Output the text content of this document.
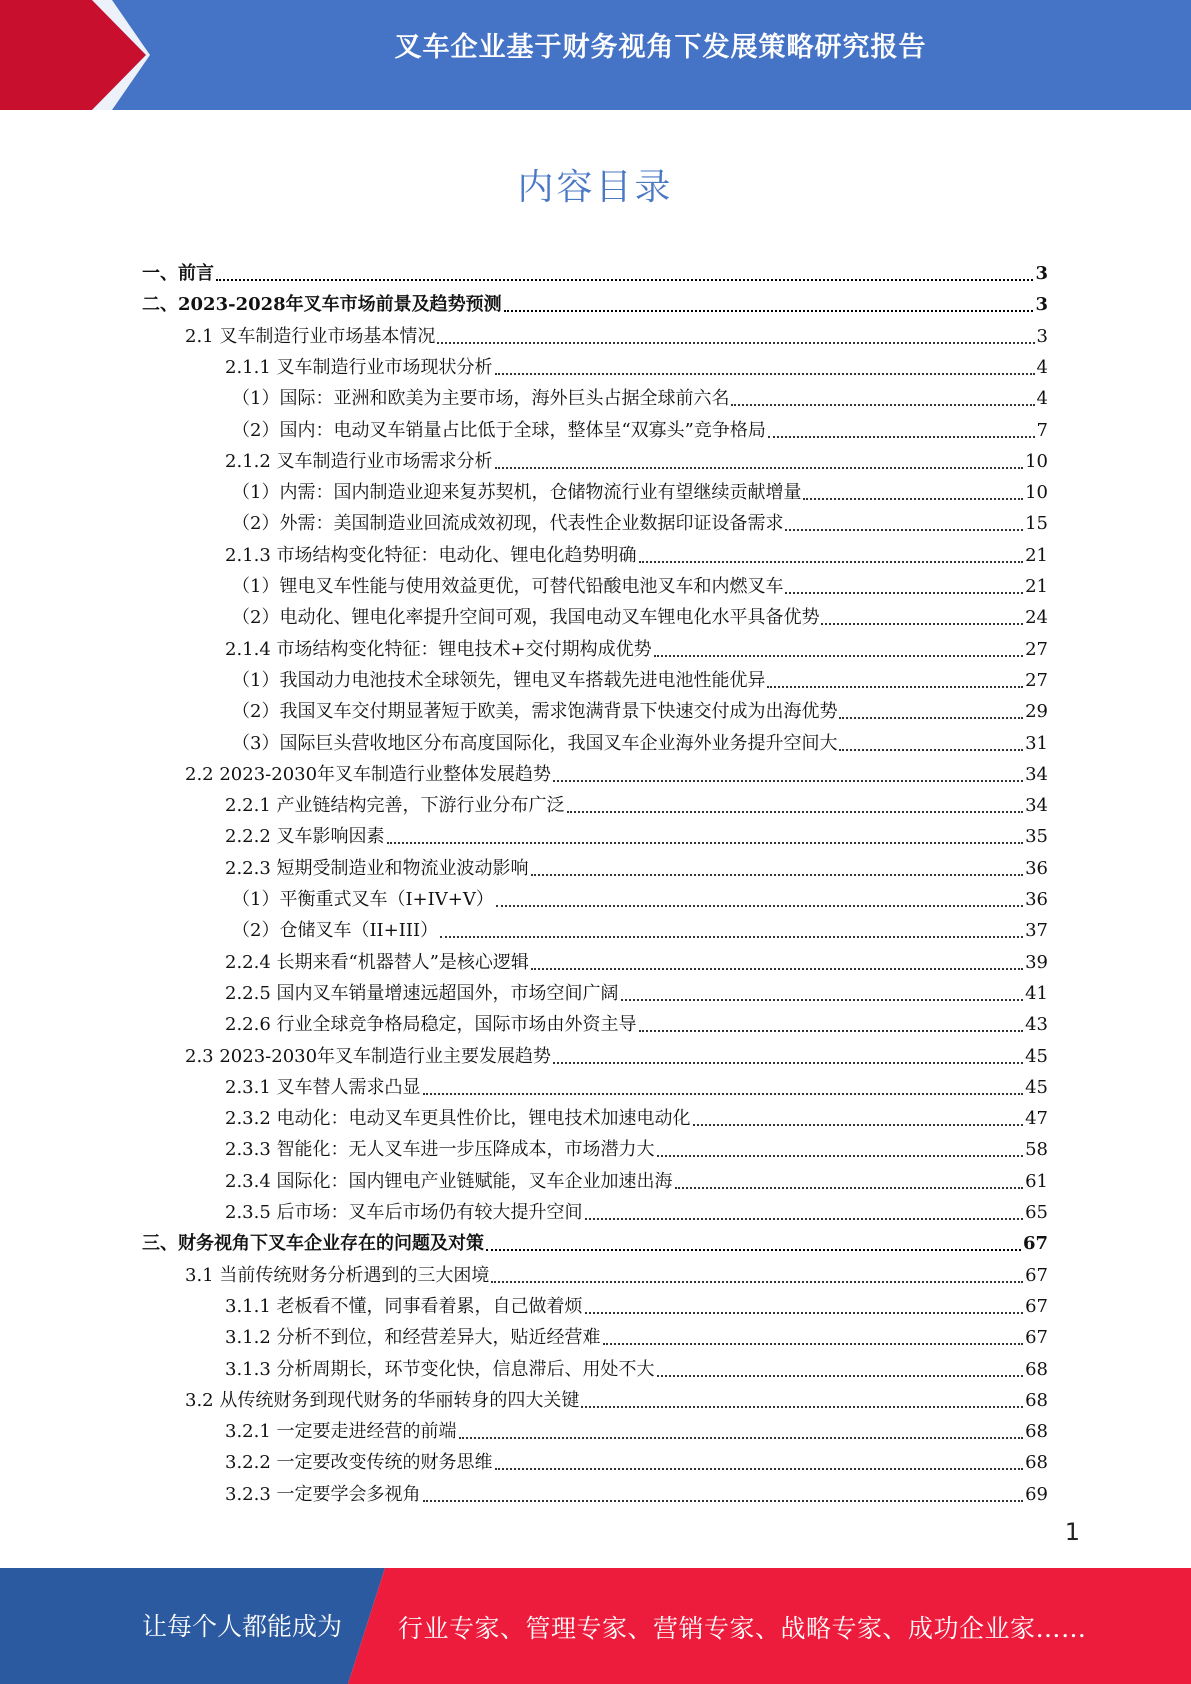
叉车企业基于财务视角下发展策略研究报告
内容目录
一、前言	3
二、2023-2028年叉车市场前景及趋势预测	3
2.1 叉车制造行业市场基本情况	3
2.1.1 叉车制造行业市场现状分析	4
（1）国际：亚洲和欧美为主要市场，海外巨头占据全球前六名	4
（2）国内：电动叉车销量占比低于全球，整体呈“双寡头”竞争格局	7
2.1.2 叉车制造行业市场需求分析	10
（1）内需：国内制造业迎来复苏契机，仓储物流行业有望继续贡献增量	10
（2）外需：美国制造业回流成效初现，代表性企业数据印证设备需求	15
2.1.3 市场结构变化特征：电动化、锂电化趋势明确	21
（1）锂电叉车性能与使用效益更优，可替代铅酸电池叉车和内燃叉车	21
（2）电动化、锂电化率提升空间可观，我国电动叉车锂电化水平具备优势	24
2.1.4 市场结构变化特征：锂电技术+交付期构成优势	27
（1）我国动力电池技术全球领先，锂电叉车搭载先进电池性能优异	27
（2）我国叉车交付期显著短于欧美，需求饱满背景下快速交付成为出海优势	29
（3）国际巨头营收地区分布高度国际化，我国叉车企业海外业务提升空间大	31
2.2 2023-2030年叉车制造行业整体发展趋势	34
2.2.1 产业链结构完善，下游行业分布广泛	34
2.2.2 叉车影响因素	35
2.2.3 短期受制造业和物流业波动影响	36
（1）平衡重式叉车（I+IV+V）	36
（2）仓储叉车（II+III）	37
2.2.4 长期来看“机器替人”是核心逻辑	39
2.2.5 国内叉车销量增速远超国外，市场空间广阔	41
2.2.6 行业全球竞争格局稳定，国际市场由外资主导	43
2.3 2023-2030年叉车制造行业主要发展趋势	45
2.3.1 叉车替人需求凸显	45
2.3.2 电动化：电动叉车更具性价比，锂电技术加速电动化	47
2.3.3 智能化：无人叉车进一步压降成本，市场潜力大	58
2.3.4 国际化：国内锂电产业链赋能，叉车企业加速出海	61
2.3.5 后市场：叉车后市场仍有较大提升空间	65
三、财务视角下叉车企业存在的问题及对策	67
3.1 当前传统财务分析遇到的三大困境	67
3.1.1 老板看不懂，同事看着累，自己做着烦	67
3.1.2 分析不到位，和经营差异大，贴近经营难	67
3.1.3 分析周期长，环节变化快，信息滞后、用处不大	68
3.2 从传统财务到现代财务的华丽转身的四大关键	68
3.2.1 一定要走进经营的前端	68
3.2.2 一定要改变传统的财务思维	68
3.2.3 一定要学会多视角	69
1
让每个人都能成为 行业专家、管理专家、营销专家、战略专家、成功企业家……
